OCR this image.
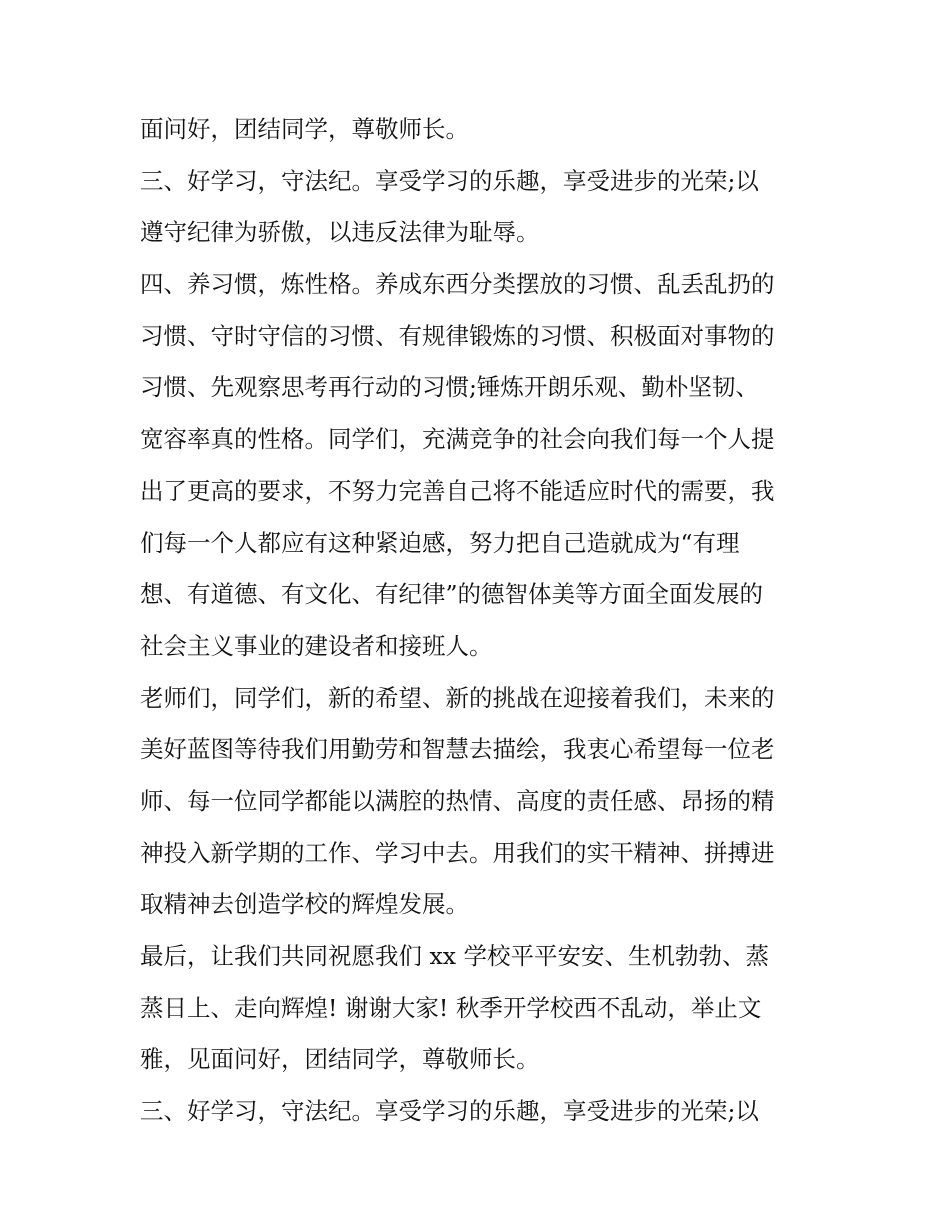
面问好，团结同学，尊敬师长。
三、好学习，守法纪。享受学习的乐趣，享受进步的光荣;以
遵守纪律为骄傲，以违反法律为耻辱。
四、养习惯，炼性格。养成东西分类摆放的习惯、乱丢乱扔的
习惯、守时守信的习惯、有规律锻炼的习惯、积极面对事物的
习惯、先观察思考再行动的习惯;锤炼开朗乐观、勤朴坚韧、
宽容率真的性格。同学们，充满竞争的社会向我们每一个人提
出了更高的要求，不努力完善自己将不能适应时代的需要，我
们每一个人都应有这种紧迫感，努力把自己造就成为“有理
想、有道德、有文化、有纪律”的德智体美等方面全面发展的
社会主义事业的建设者和接班人。
老师们，同学们，新的希望、新的挑战在迎接着我们，未来的
美好蓝图等待我们用勤劳和智慧去描绘，我衷心希望每一位老
师、每一位同学都能以满腔的热情、高度的责任感、昂扬的精
神投入新学期的工作、学习中去。用我们的实干精神、拼搏进
取精神去创造学校的辉煌发展。
最后，让我们共同祝愿我们 xx 学校平平安安、生机勃勃、蒸
蒸日上、走向辉煌! 谢谢大家! 秋季开学校西不乱动，举止文
雅，见面问好，团结同学，尊敬师长。
三、好学习，守法纪。享受学习的乐趣，享受进步的光荣;以
